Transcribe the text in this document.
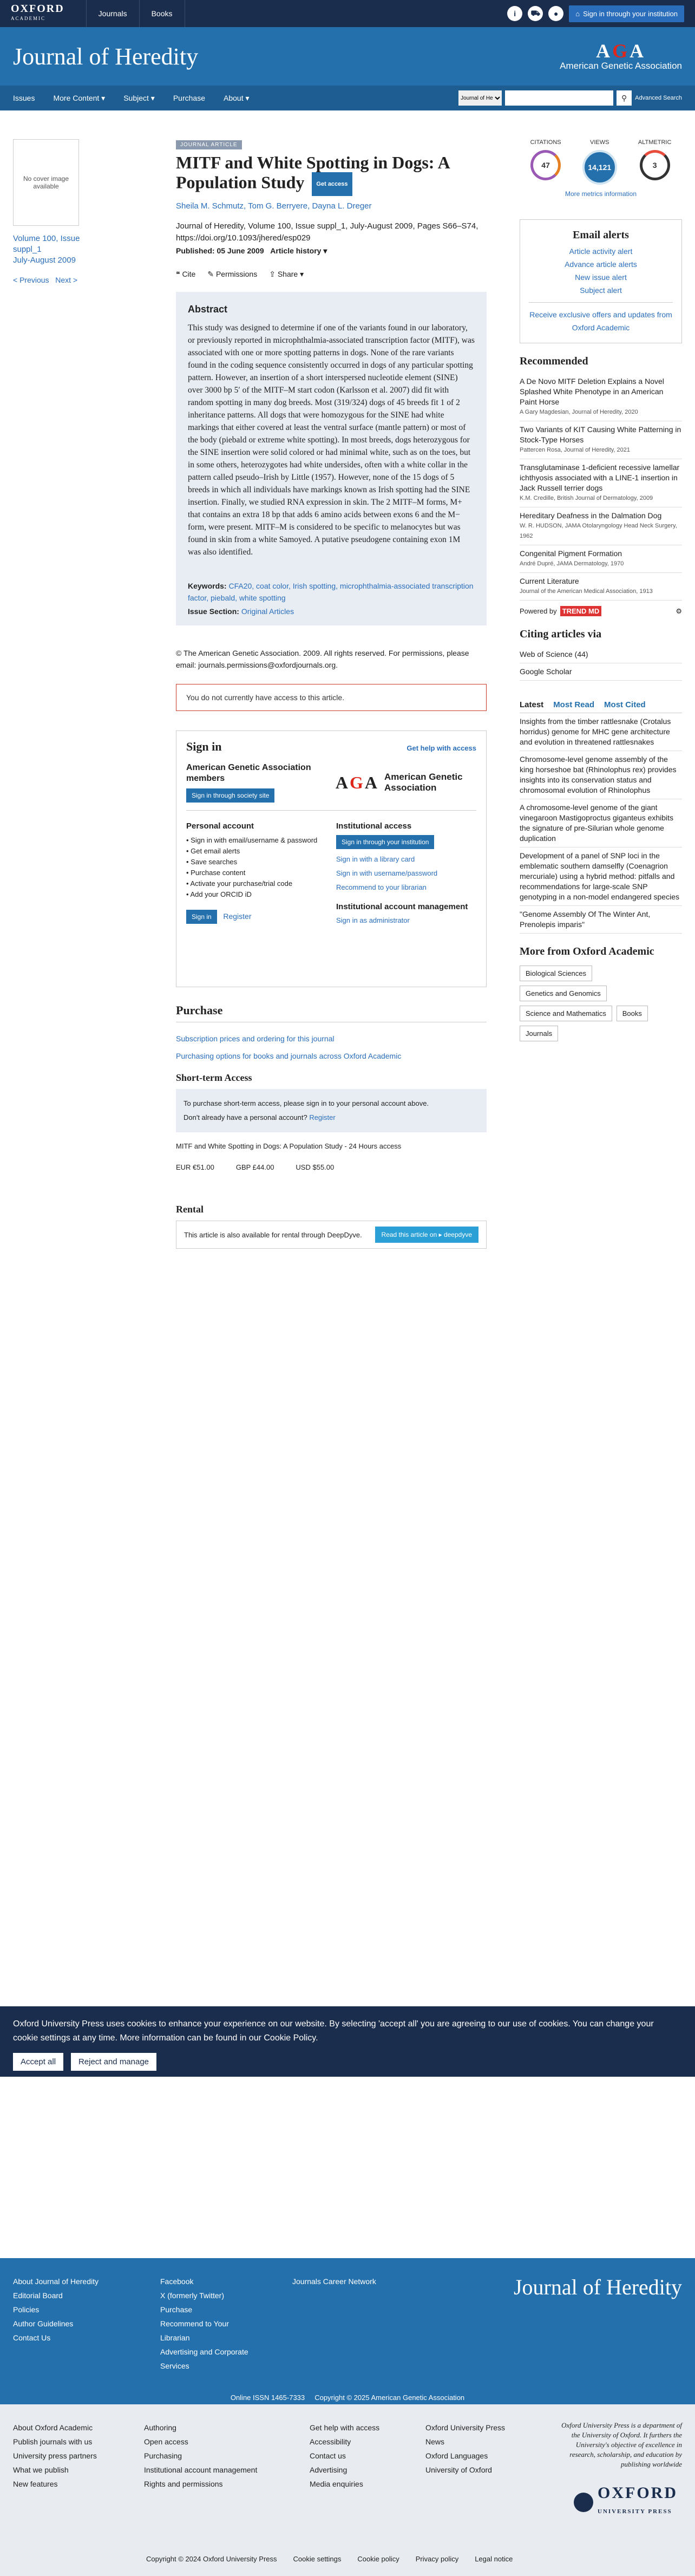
OXFORD
ACADEMIC
Journals	Books	i	⛟	●	⌂ Sign in through your institution
Journal of Heredity	AGA
American Genetic Association
Issues More Content ▾ Subject ▾ Purchase About ▾
Journal of Heredity	⚲	Advanced Search
No cover image available
Volume 100, Issue suppl_1
July-August 2009
< Previous Next >
JOURNAL ARTICLE
MITF and White Spotting in Dogs: A Population Study Get access
Sheila M. Schmutz, Tom G. Berryere, Dayna L. Dreger
Journal of Heredity, Volume 100, Issue suppl_1, July-August 2009, Pages S66–S74, https://doi.org/10.1093/jhered/esp029
Published: 05 June 2009 Article history ▾
❝ Cite ✎ Permissions ⇪ Share ▾
Abstract

This study was designed to determine if one of the variants found in our laboratory, or previously reported in microphthalmia-associated transcription factor (MITF), was associated with one or more spotting patterns in dogs. None of the rare variants found in the coding sequence consistently occurred in dogs of any particular spotting pattern. However, an insertion of a short interspersed nucleotide element (SINE) over 3000 bp 5′ of the MITF–M start codon (Karlsson et al. 2007) did fit with random spotting in many dog breeds. Most (319/324) dogs of 45 breeds fit 1 of 2 inheritance patterns. All dogs that were homozygous for the SINE had white markings that either covered at least the ventral surface (mantle pattern) or most of the body (piebald or extreme white spotting). In most breeds, dogs heterozygous for the SINE insertion were solid colored or had minimal white, such as on the toes, but in some others, heterozygotes had white undersides, often with a white collar in the pattern called pseudo–Irish by Little (1957). However, none of the 15 dogs of 5 breeds in which all individuals have markings known as Irish spotting had the SINE insertion. Finally, we studied RNA expression in skin. The 2 MITF–M forms, M+ that contains an extra 18 bp that adds 6 amino acids between exons 6 and the M− form, were present. MITF–M is considered to be specific to melanocytes but was found in skin from a white Samoyed. A putative pseudogene containing exon 1M was also identified.

Keywords: CFA20, coat color, Irish spotting, microphthalmia-associated transcription factor, piebald, white spotting
Issue Section: Original Articles
© The American Genetic Association. 2009. All rights reserved. For permissions, please email: journals.permissions@oxfordjournals.org.
You do not currently have access to this article.
Sign in	Get help with access
American Genetic Association members
Sign in through society site
AGA American Genetic Association
Personal account
• Sign in with email/username & password
• Get email alerts
• Save searches
• Purchase content
• Activate your purchase/trial code
• Add your ORCID iD
Sign in Register
Institutional access
Sign in through your institution
Sign in with a library card
Sign in with username/password
Recommend to your librarian
Institutional account management
Sign in as administrator
Purchase
Subscription prices and ordering for this journal
Purchasing options for books and journals across Oxford Academic
Short-term Access
To purchase short-term access, please sign in to your personal account above.
Don't already have a personal account? Register
MITF and White Spotting in Dogs: A Population Study - 24 Hours access
EUR €51.00	GBP £44.00	USD $55.00
Rental
This article is also available for rental through DeepDyve.	Read this article on ▸ deepdyve
CITATIONS
47
VIEWS
14,121
ALTMETRIC
3
More metrics information
Email alerts
Article activity alert
Advance article alerts
New issue alert
Subject alert
Receive exclusive offers and updates from Oxford Academic
Recommended
A De Novo MITF Deletion Explains a Novel Splashed White Phenotype in an American Paint Horse
A Gary Magdesian, Journal of Heredity, 2020
Two Variants of KIT Causing White Patterning in Stock-Type Horses
Pattercen Rosa, Journal of Heredity, 2021
Transglutaminase 1-deficient recessive lamellar ichthyosis associated with a LINE-1 insertion in Jack Russell terrier dogs
K.M. Credille, British Journal of Dermatology, 2009
Hereditary Deafness in the Dalmation Dog
W. R. HUDSON, JAMA Otolaryngology Head Neck Surgery, 1962
Congenital Pigment Formation
André Dupré, JAMA Dermatology, 1970
Current Literature
Journal of the American Medical Association, 1913
Powered by TREND MD	⚙
Citing articles via
Web of Science (44)
Google Scholar
Latest Most Read Most Cited
Insights from the timber rattlesnake (Crotalus horridus) genome for MHC gene architecture and evolution in threatened rattlesnakes
Chromosome-level genome assembly of the king horseshoe bat (Rhinolophus rex) provides insights into its conservation status and chromosomal evolution of Rhinolophus
A chromosome-level genome of the giant vinegaroon Mastigoproctus giganteus exhibits the signature of pre-Silurian whole genome duplication
Development of a panel of SNP loci in the emblematic southern damselfly (Coenagrion mercuriale) using a hybrid method: pitfalls and recommendations for large-scale SNP genotyping in a non-model endangered species
"Genome Assembly Of The Winter Ant, Prenolepis imparis"
More from Oxford Academic
Biological Sciences Genetics and Genomics Science and Mathematics Books Journals

Oxford University Press uses cookies to enhance your experience on our website. By selecting 'accept all' you are agreeing to our use of cookies. You can change your cookie settings at any time. More information can be found in our Cookie Policy.

Accept all	Reject and manage
About Journal of Heredity
Editorial Board
Policies
Author Guidelines
Contact Us
Facebook
X (formerly Twitter)
Purchase
Recommend to Your Librarian
Advertising and Corporate Services
Journals Career Network	Journal of Heredity
Online ISSN 1465-7333 Copyright © 2025 American Genetic Association
About Oxford Academic
Publish journals with us
University press partners
What we publish
New features
Authoring
Open access
Purchasing
Institutional account management
Rights and permissions
Get help with access
Accessibility
Contact us
Advertising
Media enquiries
Oxford University Press
News
Oxford Languages
University of Oxford
Oxford University Press is a department of the University of Oxford. It furthers the University's objective of excellence in research, scholarship, and education by publishing worldwide
OXFORD
UNIVERSITY PRESS
Copyright © 2024 Oxford University Press Cookie settings Cookie policy Privacy policy Legal notice
